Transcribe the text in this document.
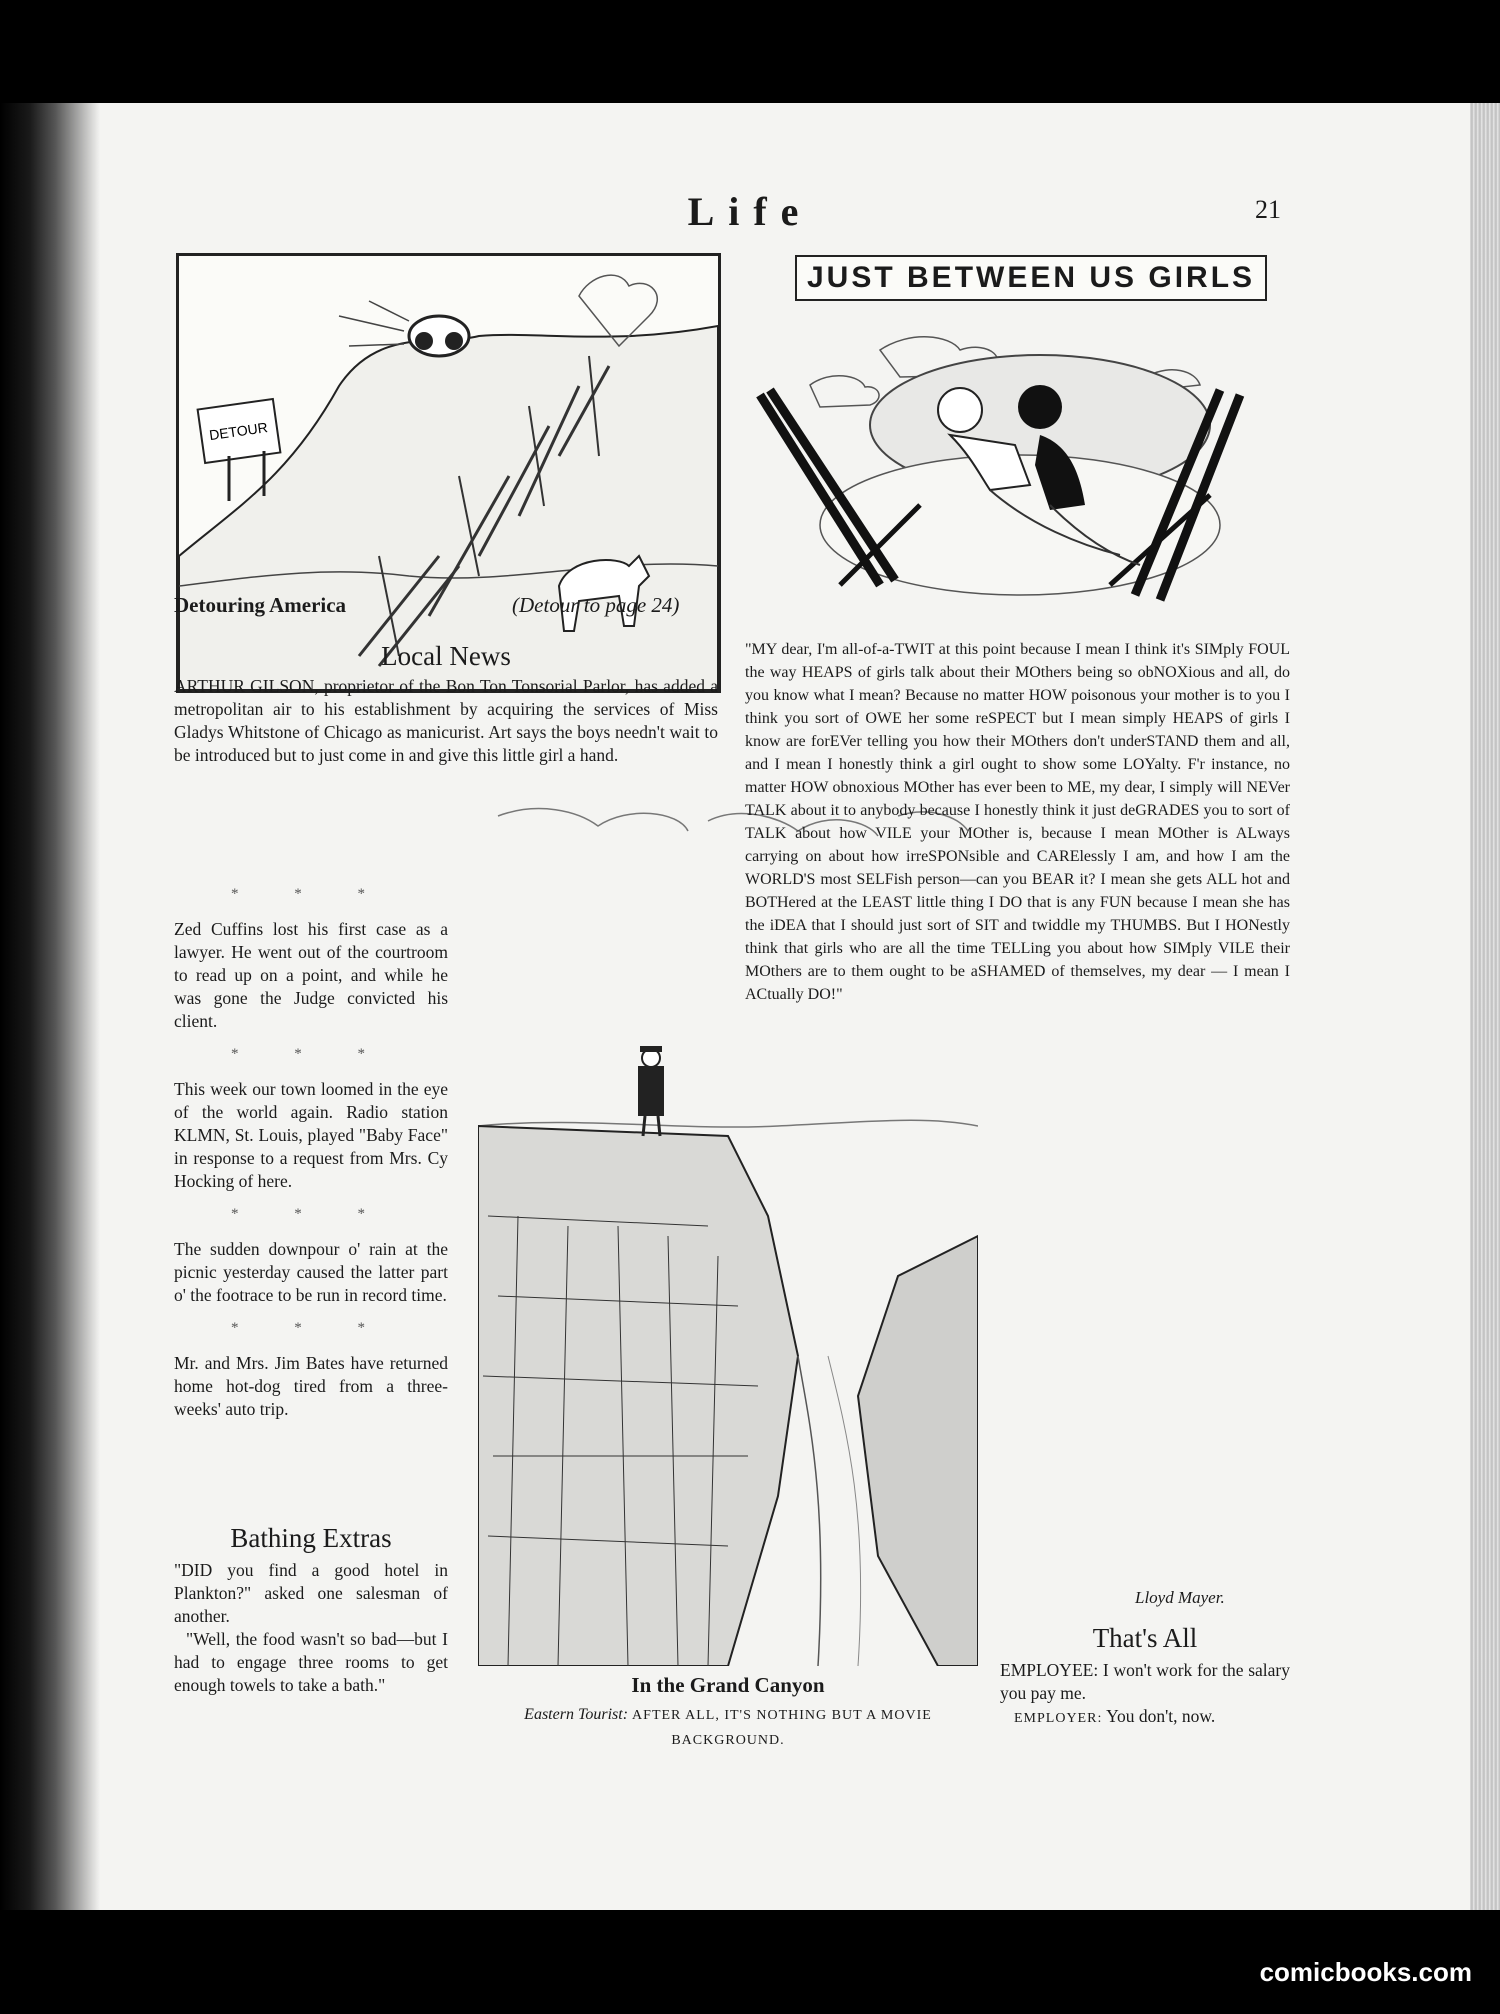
Life	21
DETOUR
Detouring America	(Detour to page 24)
JUST BETWEEN US GIRLS
Local News

ARTHUR GILSON, proprietor of the Bon Ton Tonsorial Parlor, has added a metropolitan air to his establishment by acquiring the services of Miss Gladys Whitstone of Chicago as manicurist. Art says the boys needn't wait to be introduced but to just come in and give this little girl a hand.

* * *

Zed Cuffins lost his first case as a lawyer. He went out of the courtroom to read up on a point, and while he was gone the Judge convicted his client.

* * *

This week our town loomed in the eye of the world again. Radio station KLMN, St. Louis, played "Baby Face" in response to a request from Mrs. Cy Hocking of here.

* * *

The sudden downpour o' rain at the picnic yesterday caused the latter part o' the footrace to be run in record time.

* * *

Mr. and Mrs. Jim Bates have returned home hot-dog tired from a three-weeks' auto trip.

Bathing Extras

"DID you find a good hotel in Plankton?" asked one salesman of another.

"Well, the food wasn't so bad—but I had to engage three rooms to get enough towels to take a bath."	In the Grand Canyon
Eastern Tourist: AFTER ALL, IT'S NOTHING BUT A MOVIE BACKGROUND.
"MY dear, I'm all-of-a-TWIT at this point because I mean I think it's SIMply FOUL the way HEAPS of girls talk about their MOthers being so obNOXious and all, do you know what I mean? Because no matter HOW poisonous your mother is to you I think you sort of OWE her some reSPECT but I mean simply HEAPS of girls I know are forEVer telling you how their MOthers don't underSTAND them and all, and I mean I honestly think a girl ought to show some LOYalty. F'r instance, no matter HOW obnoxious MOther has ever been to ME, my dear, I simply will NEVer TALK about it to anybody because I honestly think it just deGRADES you to sort of TALK about how VILE your MOther is, because I mean MOther is ALways carrying on about how irreSPONsible and CARElessly I am, and how I am the WORLD'S most SELFish person—can you BEAR it? I mean she gets ALL hot and BOTHered at the LEAST little thing I DO that is any FUN because I mean she has the iDEA that I should just sort of SIT and twiddle my THUMBS. But I HONestly think that girls who are all the time TELLing you about how SIMply VILE their MOthers are to them ought to be aSHAMED of themselves, my dear — I mean I ACtually DO!"
Lloyd Mayer.
That's All

EMPLOYEE: I won't work for the salary you pay me.

EMPLOYER: You don't, now.

comicbooks.com
